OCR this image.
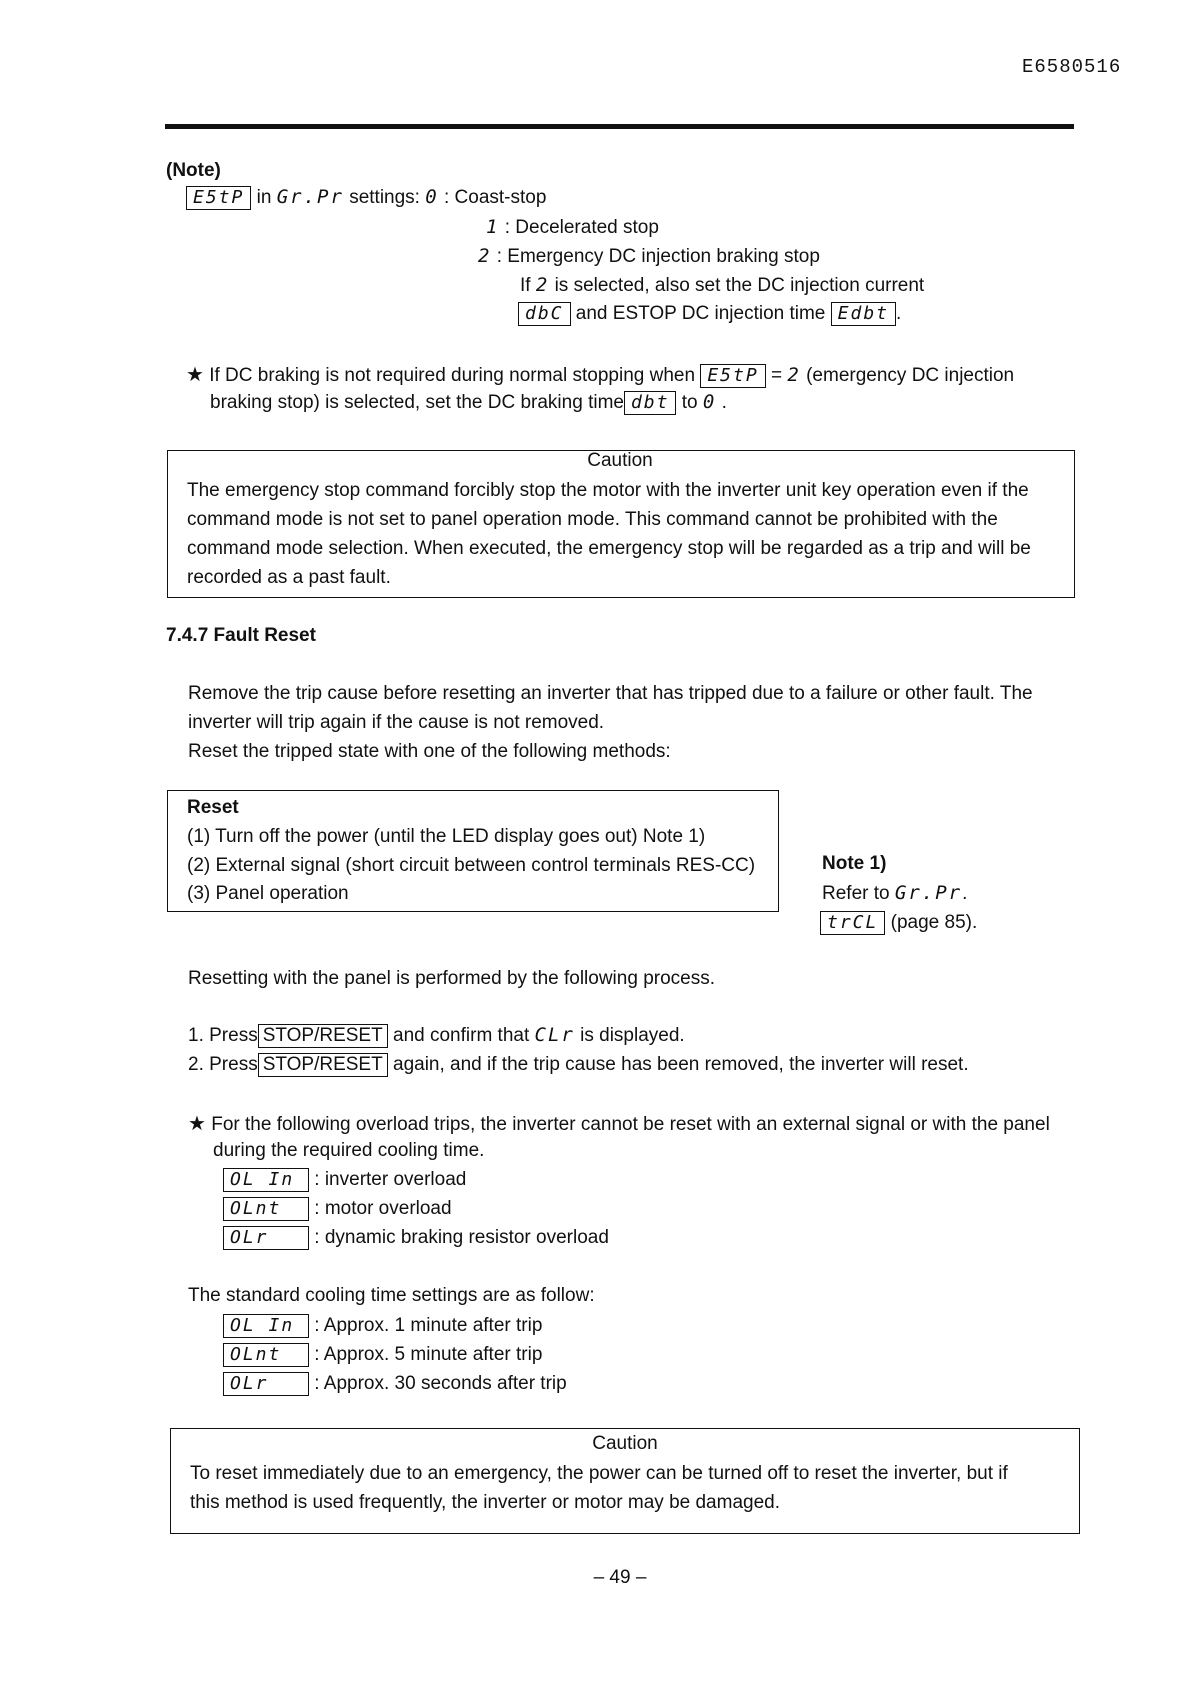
E6580516
(Note)
E5tP in Gr.Pr settings: 0 : Coast-stop
1 : Decelerated stop
2 : Emergency DC injection braking stop
If 2 is selected, also set the DC injection current
dbC and ESTOP DC injection time Edbt .
★ If DC braking is not required during normal stopping when E5tP = 2 (emergency DC injection
braking stop) is selected, set the DC braking time dbt to 0 .
Caution
The emergency stop command forcibly stop the motor with the inverter unit key operation even if the
command mode is not set to panel operation mode. This command cannot be prohibited with the
command mode selection. When executed, the emergency stop will be regarded as a trip and will be
recorded as a past fault.
7.4.7 Fault Reset
Remove the trip cause before resetting an inverter that has tripped due to a failure or other fault. The
inverter will trip again if the cause is not removed.
Reset the tripped state with one of the following methods:
Reset
(1) Turn off the power (until the LED display goes out) Note 1)
(2) External signal (short circuit between control terminals RES-CC)
(3) Panel operation
Note 1)
Refer to Gr.Pr.
trCL (page 85).
Resetting with the panel is performed by the following process.
1. Press STOP/RESET and confirm that CLr is displayed.
2. Press STOP/RESET again, and if the trip cause has been removed, the inverter will reset.
★ For the following overload trips, the inverter cannot be reset with an external signal or with the panel
during the required cooling time.
OL In : inverter overload
OLnt : motor overload
OLr : dynamic braking resistor overload
The standard cooling time settings are as follow:
OL In : Approx. 1 minute after trip
OLnt : Approx. 5 minute after trip
OLr : Approx. 30 seconds after trip
Caution
To reset immediately due to an emergency, the power can be turned off to reset the inverter, but if
this method is used frequently, the inverter or motor may be damaged.
– 49 –
